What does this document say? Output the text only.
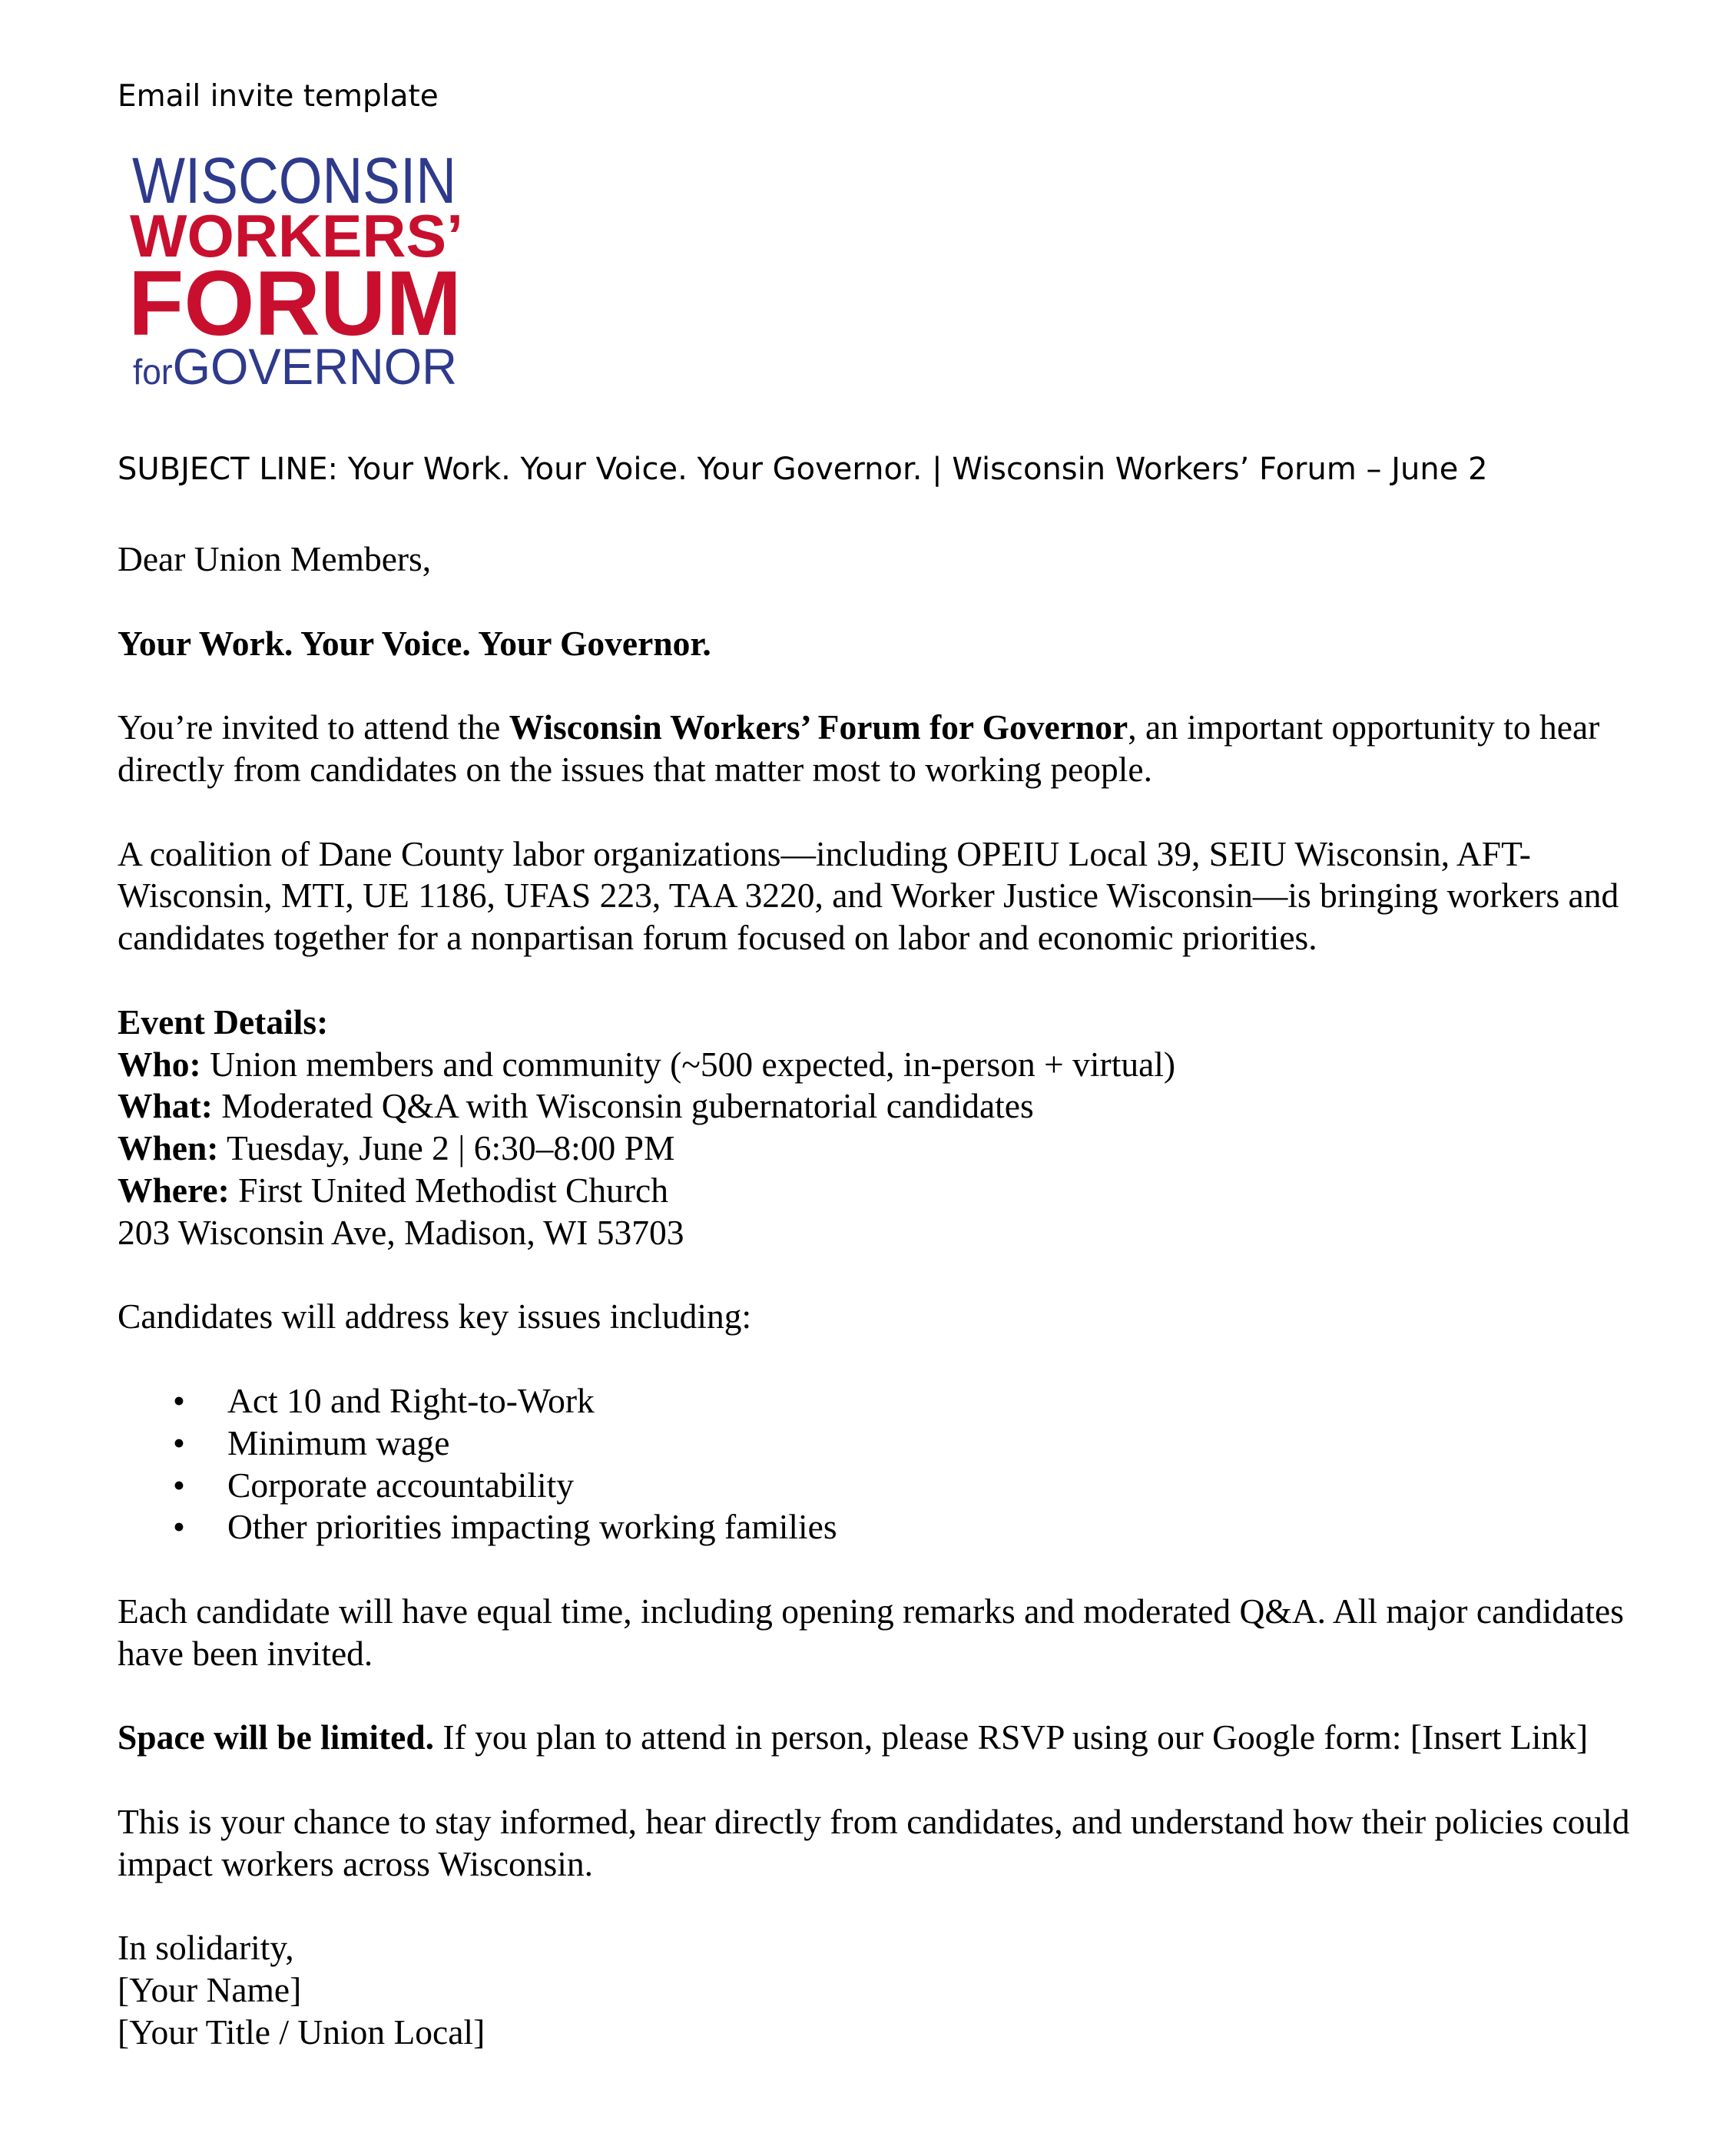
Email invite template
WISCONSIN
WORKERS’
FORUM
forGOVERNOR
SUBJECT LINE: Your Work. Your Voice. Your Governor. | Wisconsin Workers’ Forum – June 2

Dear Union Members,

Your Work. Your Voice. Your Governor.

You’re invited to attend the Wisconsin Workers’ Forum for Governor, an important opportunity to hear directly from candidates on the issues that matter most to working people.

A coalition of Dane County labor organizations—including OPEIU Local 39, SEIU Wisconsin, AFT-Wisconsin, MTI, UE 1186, UFAS 223, TAA 3220, and Worker Justice Wisconsin—is bringing workers and candidates together for a nonpartisan forum focused on labor and economic priorities.

Event Details:

Who: Union members and community (~500 expected, in-person + virtual)

What: Moderated Q&A with Wisconsin gubernatorial candidates

When: Tuesday, June 2 | 6:30–8:00 PM

Where: First United Methodist Church

203 Wisconsin Ave, Madison, WI 53703

Candidates will address key issues including:

• Act 10 and Right-to-Work
• Minimum wage
• Corporate accountability
• Other priorities impacting working families

Each candidate will have equal time, including opening remarks and moderated Q&A. All major candidates have been invited.

Space will be limited. If you plan to attend in person, please RSVP using our Google form: [Insert Link]

This is your chance to stay informed, hear directly from candidates, and understand how their policies could impact workers across Wisconsin.

In solidarity,

[Your Name]

[Your Title / Union Local]
